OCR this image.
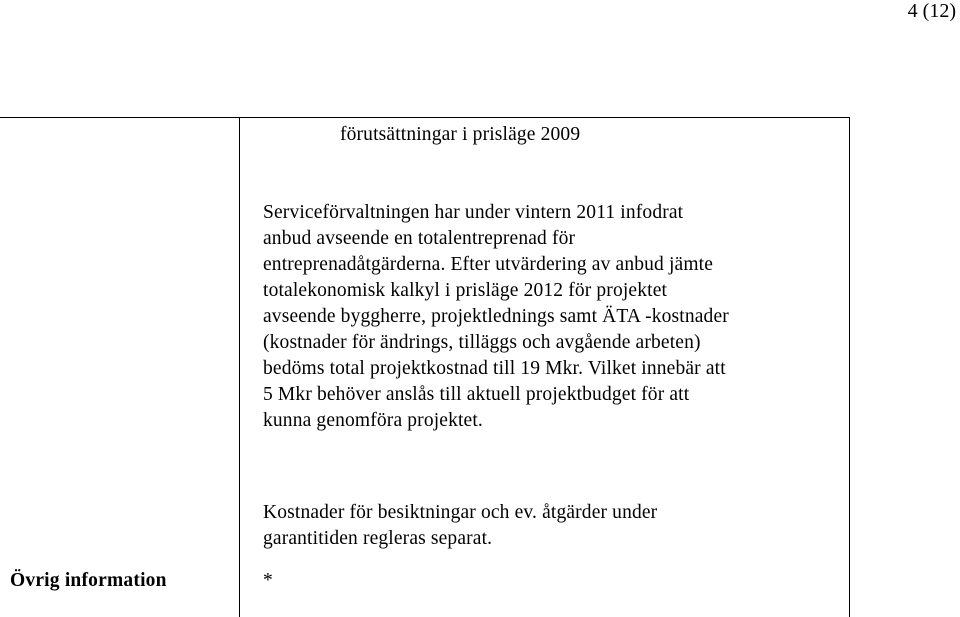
4 (12)
förutsättningar i prisläge 2009
Serviceförvaltningen har under vintern 2011 infodrat
anbud avseende en totalentreprenad för
entreprenadåtgärderna. Efter utvärdering av anbud jämte
totalekonomisk kalkyl i prisläge 2012 för projektet
avseende byggherre, projektlednings samt ÄTA -kostnader
(kostnader för ändrings, tilläggs och avgående arbeten)
bedöms total projektkostnad till 19 Mkr. Vilket innebär att
5 Mkr behöver anslås till aktuell projektbudget för att
kunna genomföra projektet.
Kostnader för besiktningar och ev. åtgärder under
garantitiden regleras separat.
Övrig information	*
